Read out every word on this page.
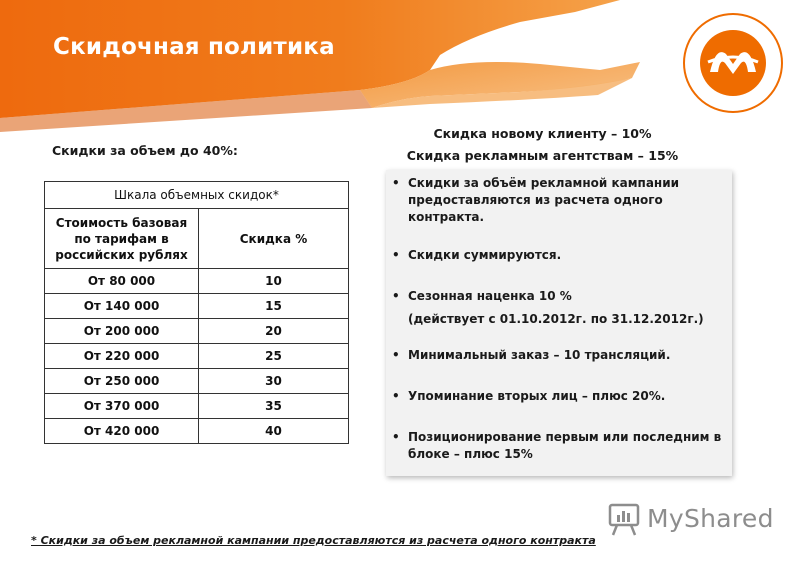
Скидочная политика
Скидки за объем до 40%:
Скидка новому клиенту – 10%
Скидка рекламным агентствам – 15%
Шкала объемных скидок*	
Стоимость базовая по тарифам в российских рублях	Скидка %
От 80 000	10
От 140 000	15
От 200 000	20
От 220 000	25
От 250 000	30
От 370 000	35
От 420 000	40
• Скидки за объём рекламной кампании предоставляются из расчета одного контракта.
• Скидки суммируются.
• Сезонная наценка 10 %
(действует с 01.10.2012г. по 31.12.2012г.)
• Минимальный заказ – 10 трансляций.
• Упоминание вторых лиц – плюс 20%.
• Позиционирование первым или последним в блоке – плюс 15%
MyShared
* Скидки за объем рекламной кампании предоставляются из расчета одного контракта
